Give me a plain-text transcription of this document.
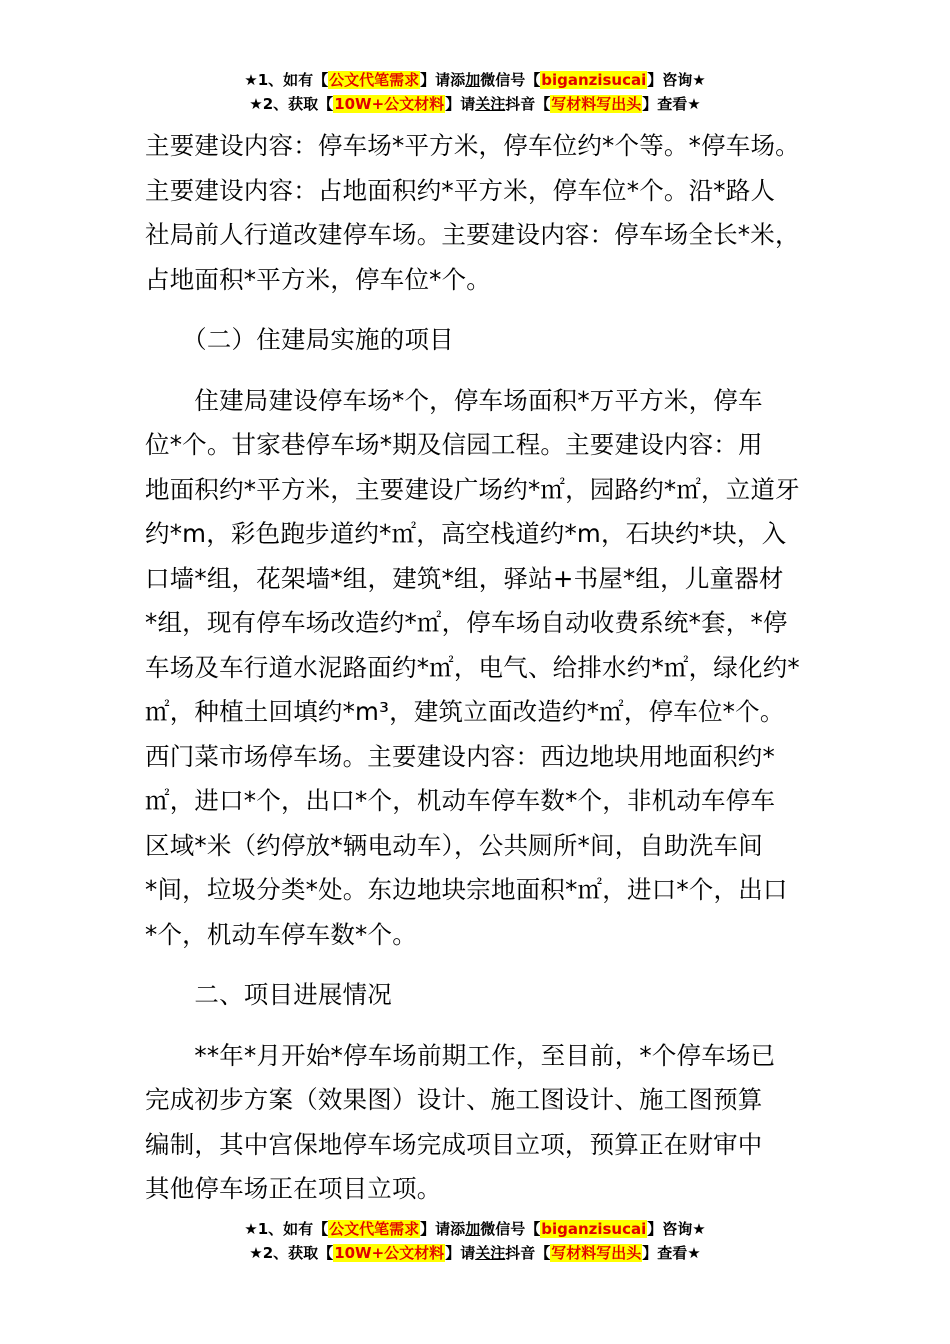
★1、如有【公文代笔需求】请添加微信号【biganzisucai】咨询★
★2、获取【10W+公文材料】请关注抖音【写材料写出头】查看★

主要建设内容：停车场*平方米，停车位约*个等。*停车场。

主要建设内容：占地面积约*平方米，停车位*个。沿*路人

社局前人行道改建停车场。主要建设内容：停车场全长*米，

占地面积*平方米，停车位*个。

　　（二）住建局实施的项目

　　住建局建设停车场*个，停车场面积*万平方米，停车

位*个。甘家巷停车场*期及信园工程。主要建设内容：用

地面积约*平方米，主要建设广场约*㎡，园路约*㎡，立道牙

约*m，彩色跑步道约*㎡，高空栈道约*m，石块约*块，入

口墙*组，花架墙*组，建筑*组，驿站+书屋*组，儿童器材

*组，现有停车场改造约*㎡，停车场自动收费系统*套，*停

车场及车行道水泥路面约*㎡，电气、给排水约*㎡，绿化约*

㎡，种植土回填约*m³，建筑立面改造约*㎡，停车位*个。

西门菜市场停车场。主要建设内容：西边地块用地面积约*

㎡，进口*个，出口*个，机动车停车数*个，非机动车停车

区域*米（约停放*辆电动车），公共厕所*间，自助洗车间

*间，垃圾分类*处。东边地块宗地面积*㎡，进口*个，出口

*个，机动车停车数*个。

　　二、项目进展情况

　　**年*月开始*停车场前期工作，至目前，*个停车场已

完成初步方案（效果图）设计、施工图设计、施工图预算

编制，其中宫保地停车场完成项目立项，预算正在财审中

其他停车场正在项目立项。

★1、如有【公文代笔需求】请添加微信号【biganzisucai】咨询★
★2、获取【10W+公文材料】请关注抖音【写材料写出头】查看★
